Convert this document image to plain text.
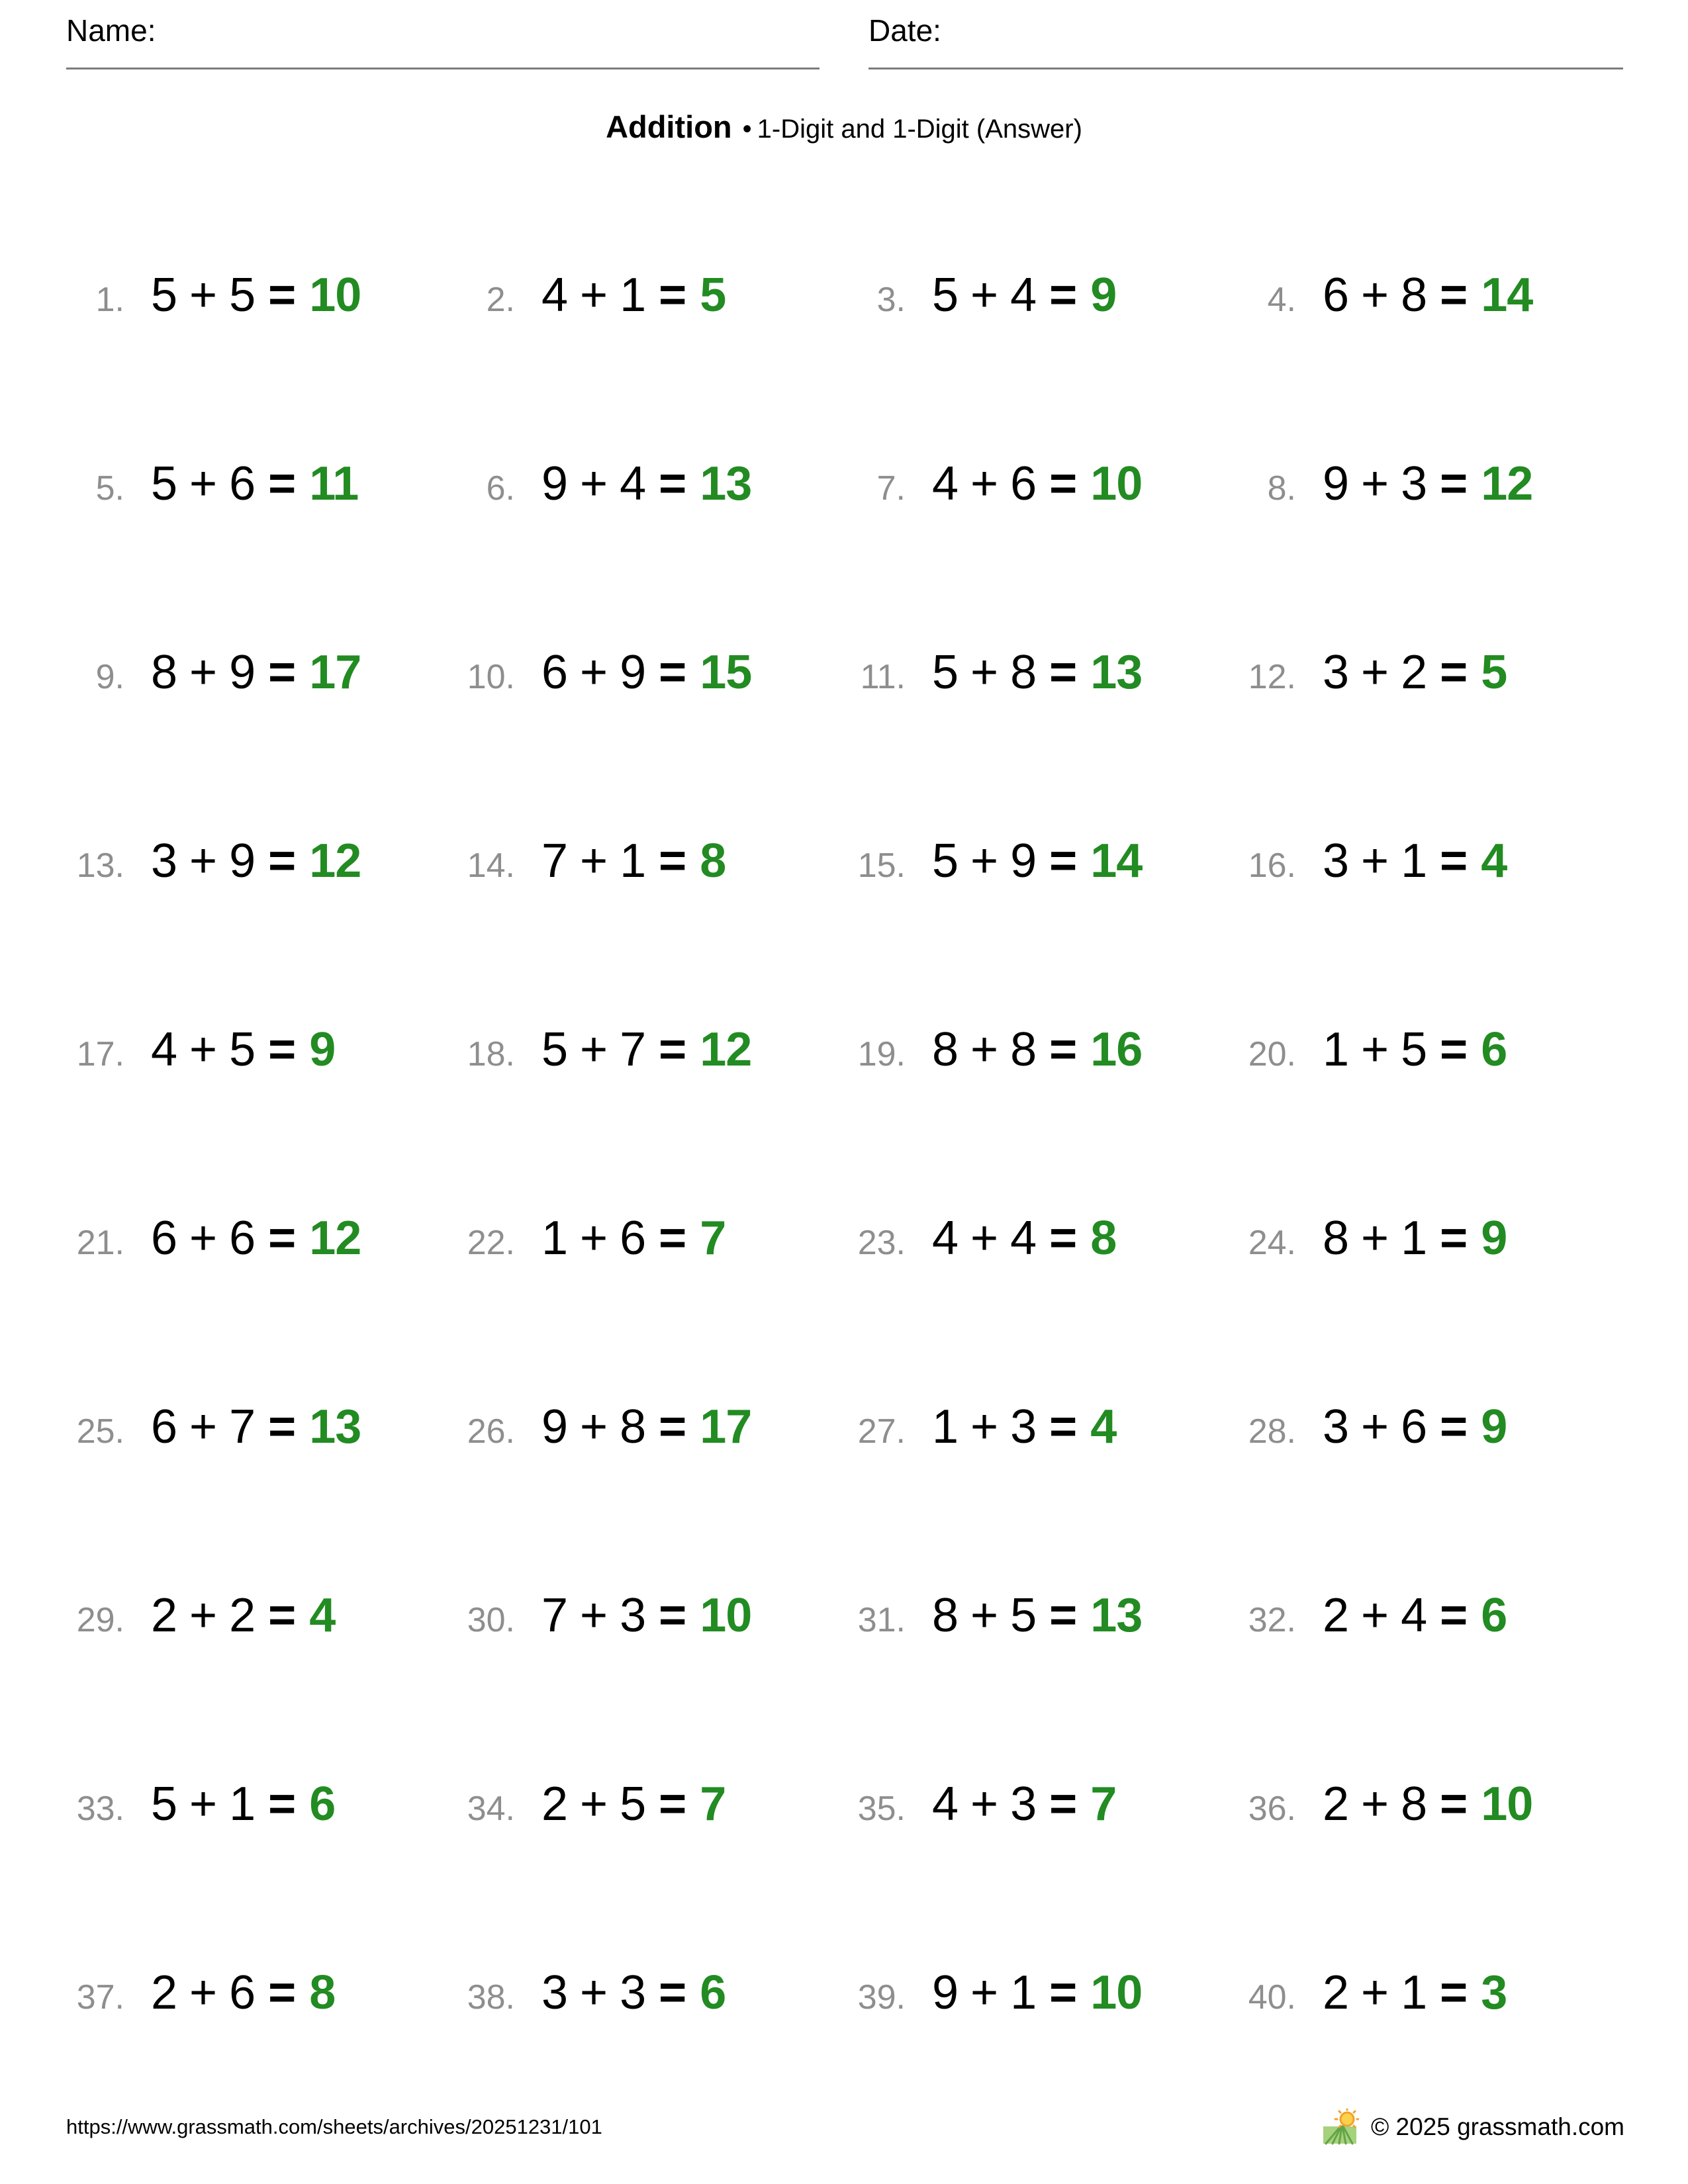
Name:	Date:
Addition • 1-Digit and 1-Digit (Answer)
1. 5 + 5 = 10	2. 4 + 1 = 5	3. 5 + 4 = 9	4. 6 + 8 = 14
5. 5 + 6 = 11	6. 9 + 4 = 13	7. 4 + 6 = 10	8. 9 + 3 = 12
9. 8 + 9 = 17	10. 6 + 9 = 15	11. 5 + 8 = 13	12. 3 + 2 = 5
13. 3 + 9 = 12	14. 7 + 1 = 8	15. 5 + 9 = 14	16. 3 + 1 = 4
17. 4 + 5 = 9	18. 5 + 7 = 12	19. 8 + 8 = 16	20. 1 + 5 = 6
21. 6 + 6 = 12	22. 1 + 6 = 7	23. 4 + 4 = 8	24. 8 + 1 = 9
25. 6 + 7 = 13	26. 9 + 8 = 17	27. 1 + 3 = 4	28. 3 + 6 = 9
29. 2 + 2 = 4	30. 7 + 3 = 10	31. 8 + 5 = 13	32. 2 + 4 = 6
33. 5 + 1 = 6	34. 2 + 5 = 7	35. 4 + 3 = 7	36. 2 + 8 = 10
37. 2 + 6 = 8	38. 3 + 3 = 6	39. 9 + 1 = 10	40. 2 + 1 = 3
https://www.grassmath.com/sheets/archives/20251231/101	© 2025 grassmath.com
